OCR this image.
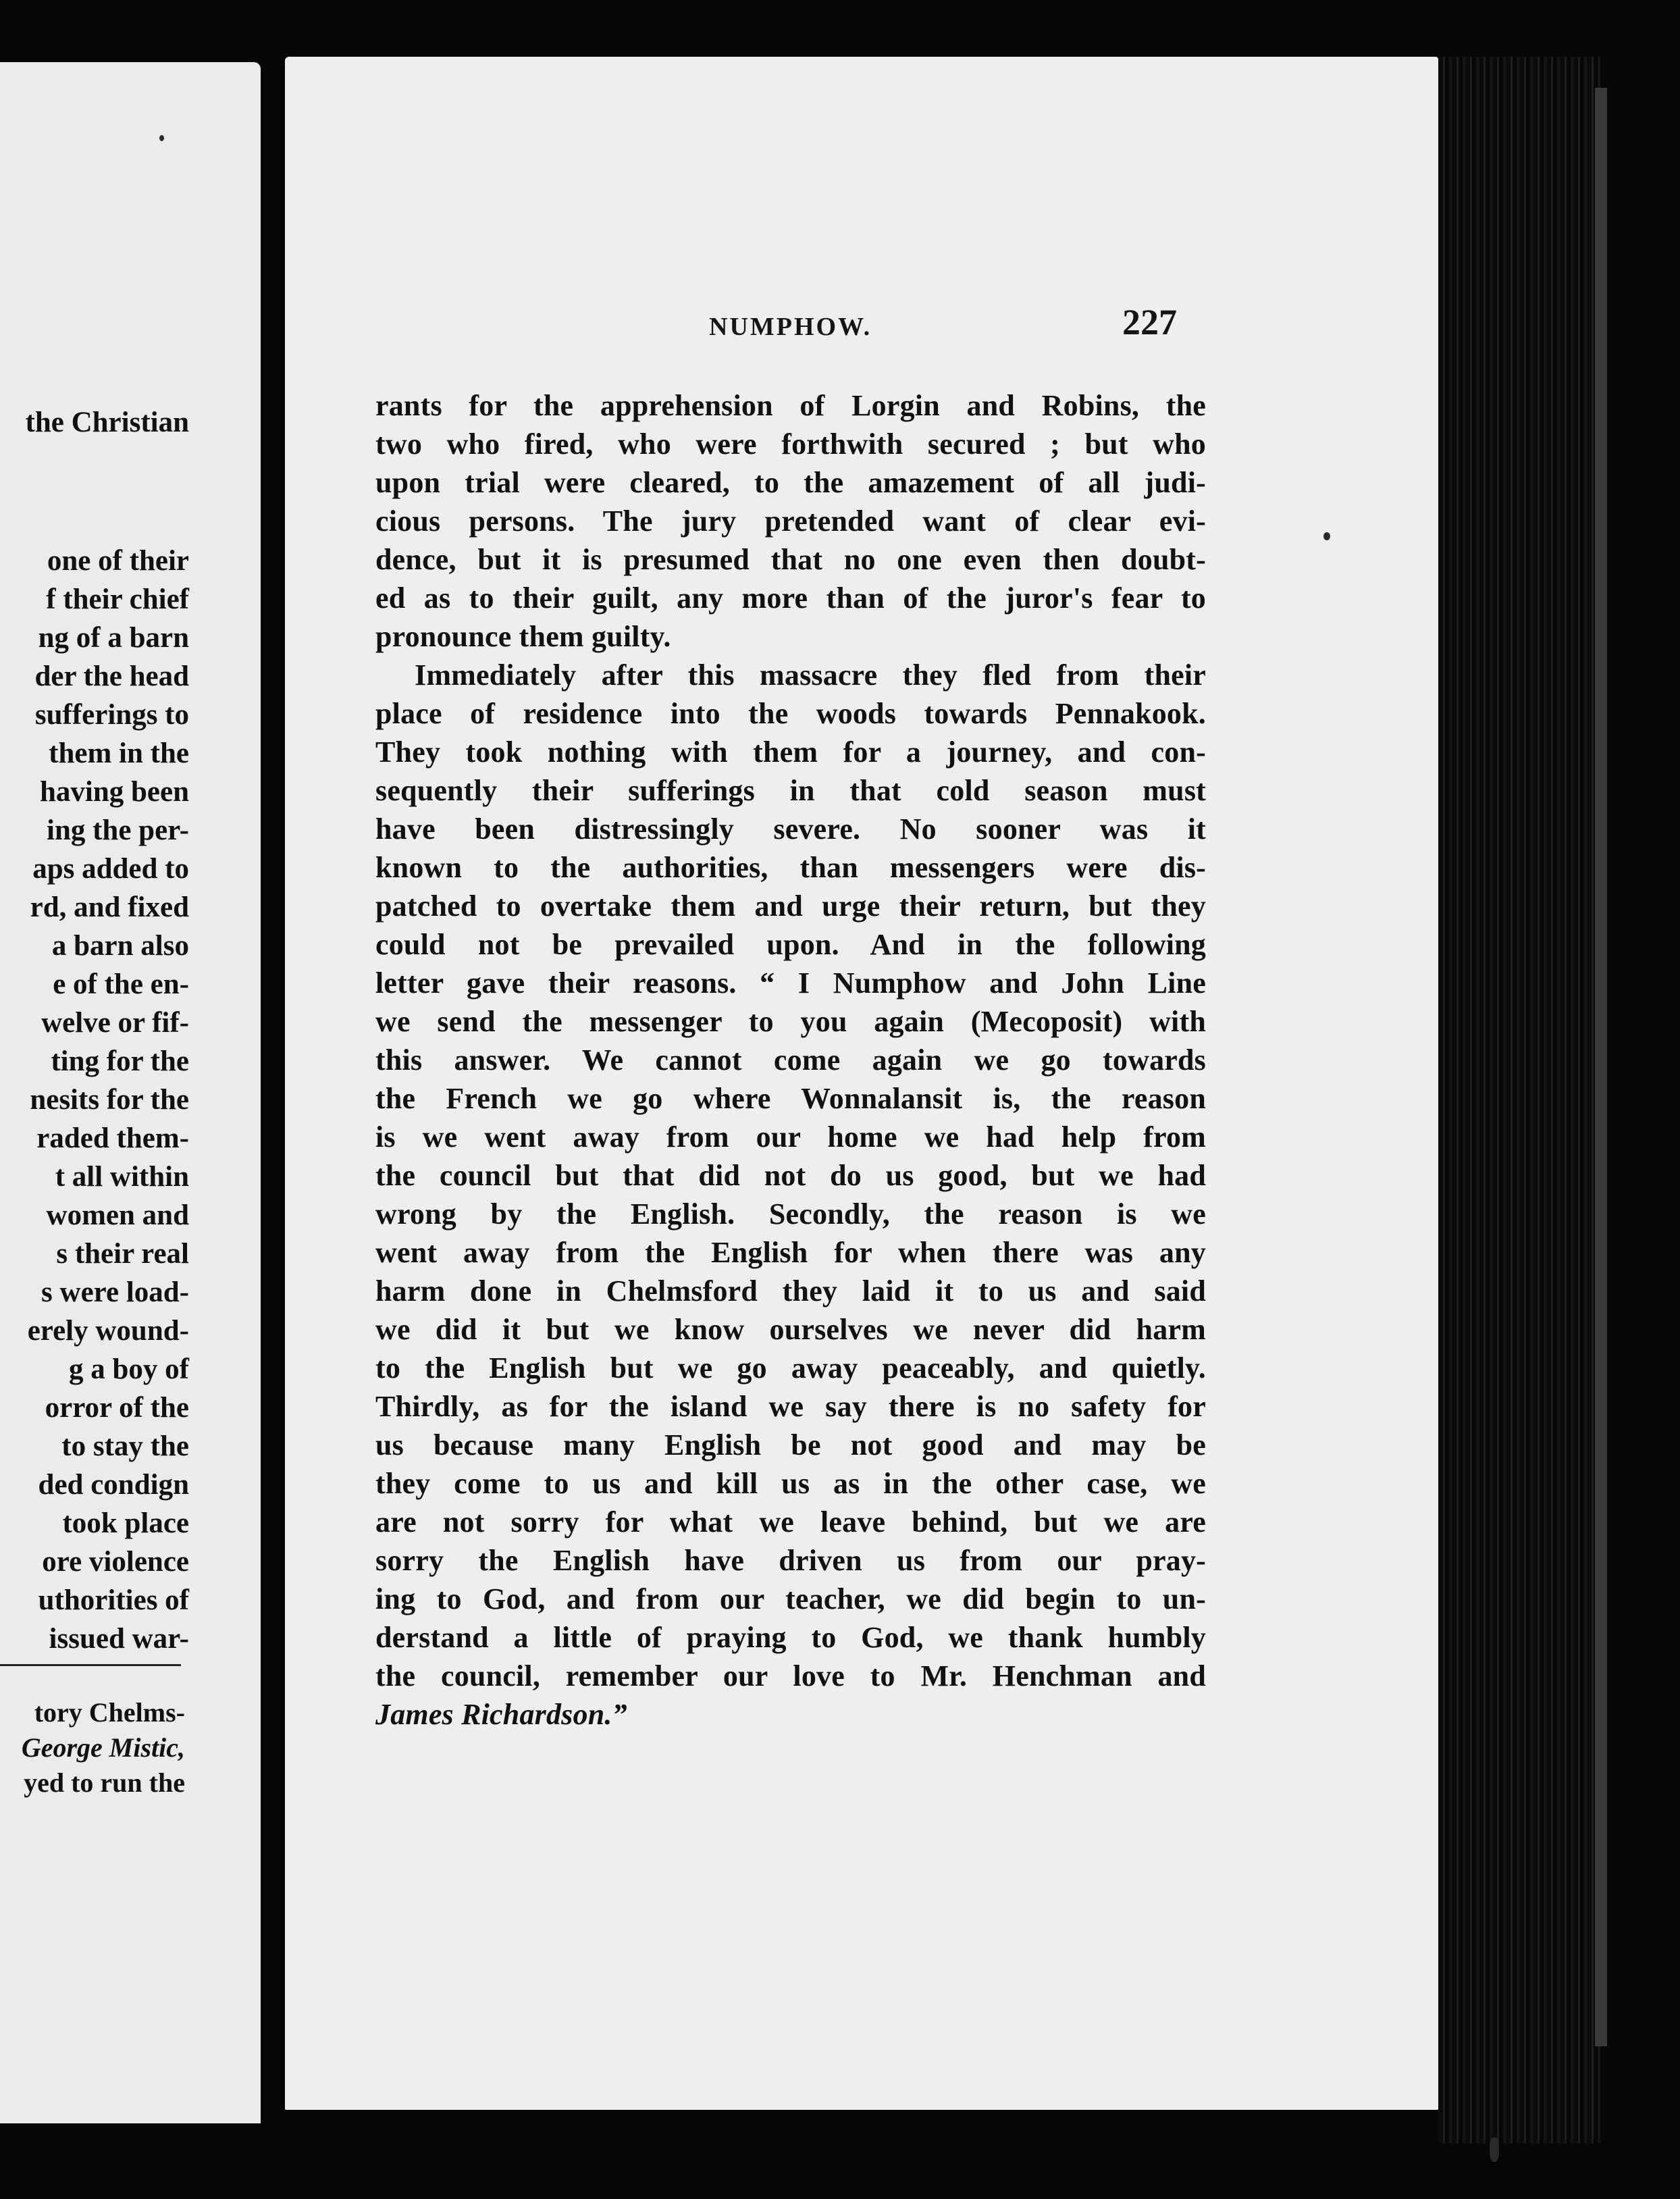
the Christian
one of their
f their chief
ng of a barn
der the head
sufferings to
them in the
having been
ing the per-
aps added to
rd, and fixed
a barn also
e of the en-
welve or fif-
ting for the
nesits for the
raded them-
t all within
women and
s their real
s were load-
erely wound-
g a boy of
orror of the
to stay the
ded condign
took place
ore violence
uthorities of
issued war-
tory Chelms-
George Mistic,
yed to run the
NUMPHOW.	227
rants for the apprehension of Lorgin and Robins, the
two who fired, who were forthwith secured ; but who
upon trial were cleared, to the amazement of all judi-
cious persons. The jury pretended want of clear evi-
dence, but it is presumed that no one even then doubt-
ed as to their guilt, any more than of the juror's fear to
pronounce them guilty.
Immediately after this massacre they fled from their
place of residence into the woods towards Pennakook.
They took nothing with them for a journey, and con-
sequently their sufferings in that cold season must
have been distressingly severe. No sooner was it
known to the authorities, than messengers were dis-
patched to overtake them and urge their return, but they
could not be prevailed upon. And in the following
letter gave their reasons. “ I Numphow and John Line
we send the messenger to you again (Mecoposit) with
this answer. We cannot come again we go towards
the French we go where Wonnalansit is, the reason
is we went away from our home we had help from
the council but that did not do us good, but we had
wrong by the English. Secondly, the reason is we
went away from the English for when there was any
harm done in Chelmsford they laid it to us and said
we did it but we know ourselves we never did harm
to the English but we go away peaceably, and quietly.
Thirdly, as for the island we say there is no safety for
us because many English be not good and may be
they come to us and kill us as in the other case, we
are not sorry for what we leave behind, but we are
sorry the English have driven us from our pray-
ing to God, and from our teacher, we did begin to un-
derstand a little of praying to God, we thank humbly
the council, remember our love to Mr. Henchman and
James Richardson.”
